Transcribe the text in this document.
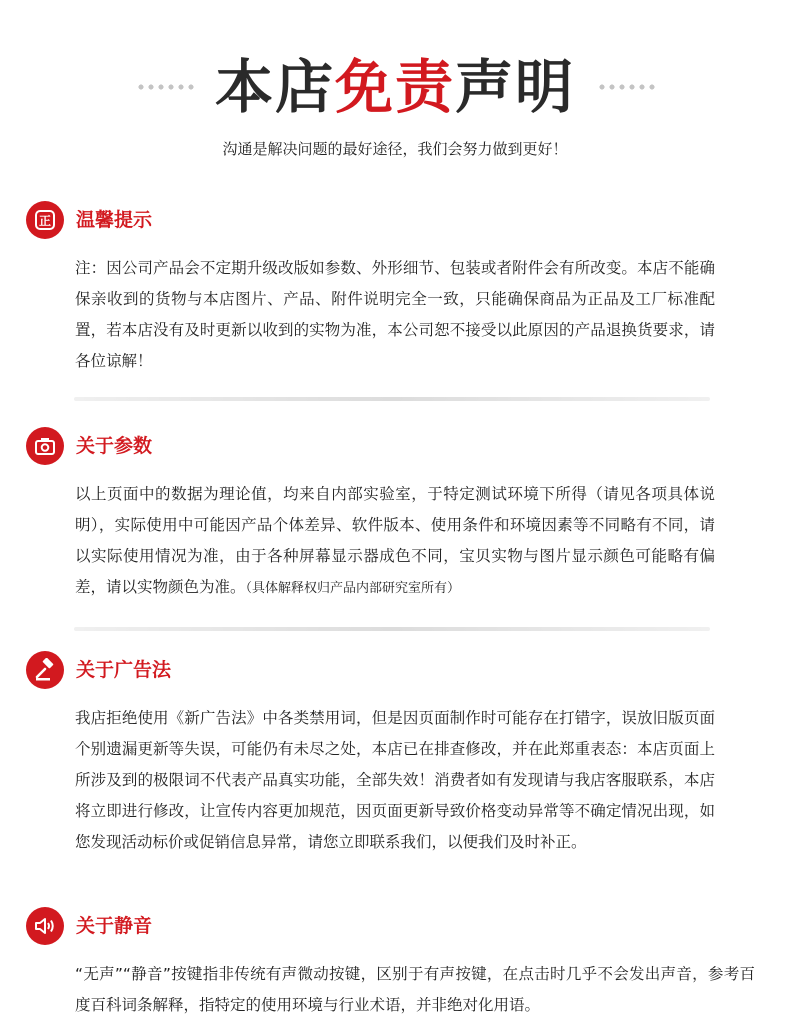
本店免责声明
沟通是解决问题的最好途径，我们会努力做到更好！
正 温馨提示
注：因公司产品会不定期升级改版如参数、外形细节、包装或者附件会有所改变。本店不能确保亲收到的货物与本店图片、产品、附件说明完全一致，只能确保商品为正品及工厂标准配置，若本店没有及时更新以收到的实物为准，本公司恕不接受以此原因的产品退换货要求，请各位谅解！
关于参数
以上页面中的数据为理论值，均来自内部实验室，于特定测试环境下所得（请见各项具体说明），实际使用中可能因产品个体差异、软件版本、使用条件和环境因素等不同略有不同，请以实际使用情况为准，由于各种屏幕显示器成色不同，宝贝实物与图片显示颜色可能略有偏差，请以实物颜色为准。（具体解释权归产品内部研究室所有）
关于广告法
我店拒绝使用《新广告法》中各类禁用词，但是因页面制作时可能存在打错字，误放旧版页面个别遗漏更新等失误，可能仍有未尽之处，本店已在排查修改，并在此郑重表态：本店页面上所涉及到的极限词不代表产品真实功能，全部失效！消费者如有发现请与我店客服联系，本店将立即进行修改，让宣传内容更加规范，因页面更新导致价格变动异常等不确定情况出现，如您发现活动标价或促销信息异常，请您立即联系我们，以便我们及时补正。
关于静音
“无声”“静音”按键指非传统有声微动按键，区别于有声按键，在点击时几乎不会发出声音，参考百度百科词条解释，指特定的使用环境与行业术语，并非绝对化用语。
